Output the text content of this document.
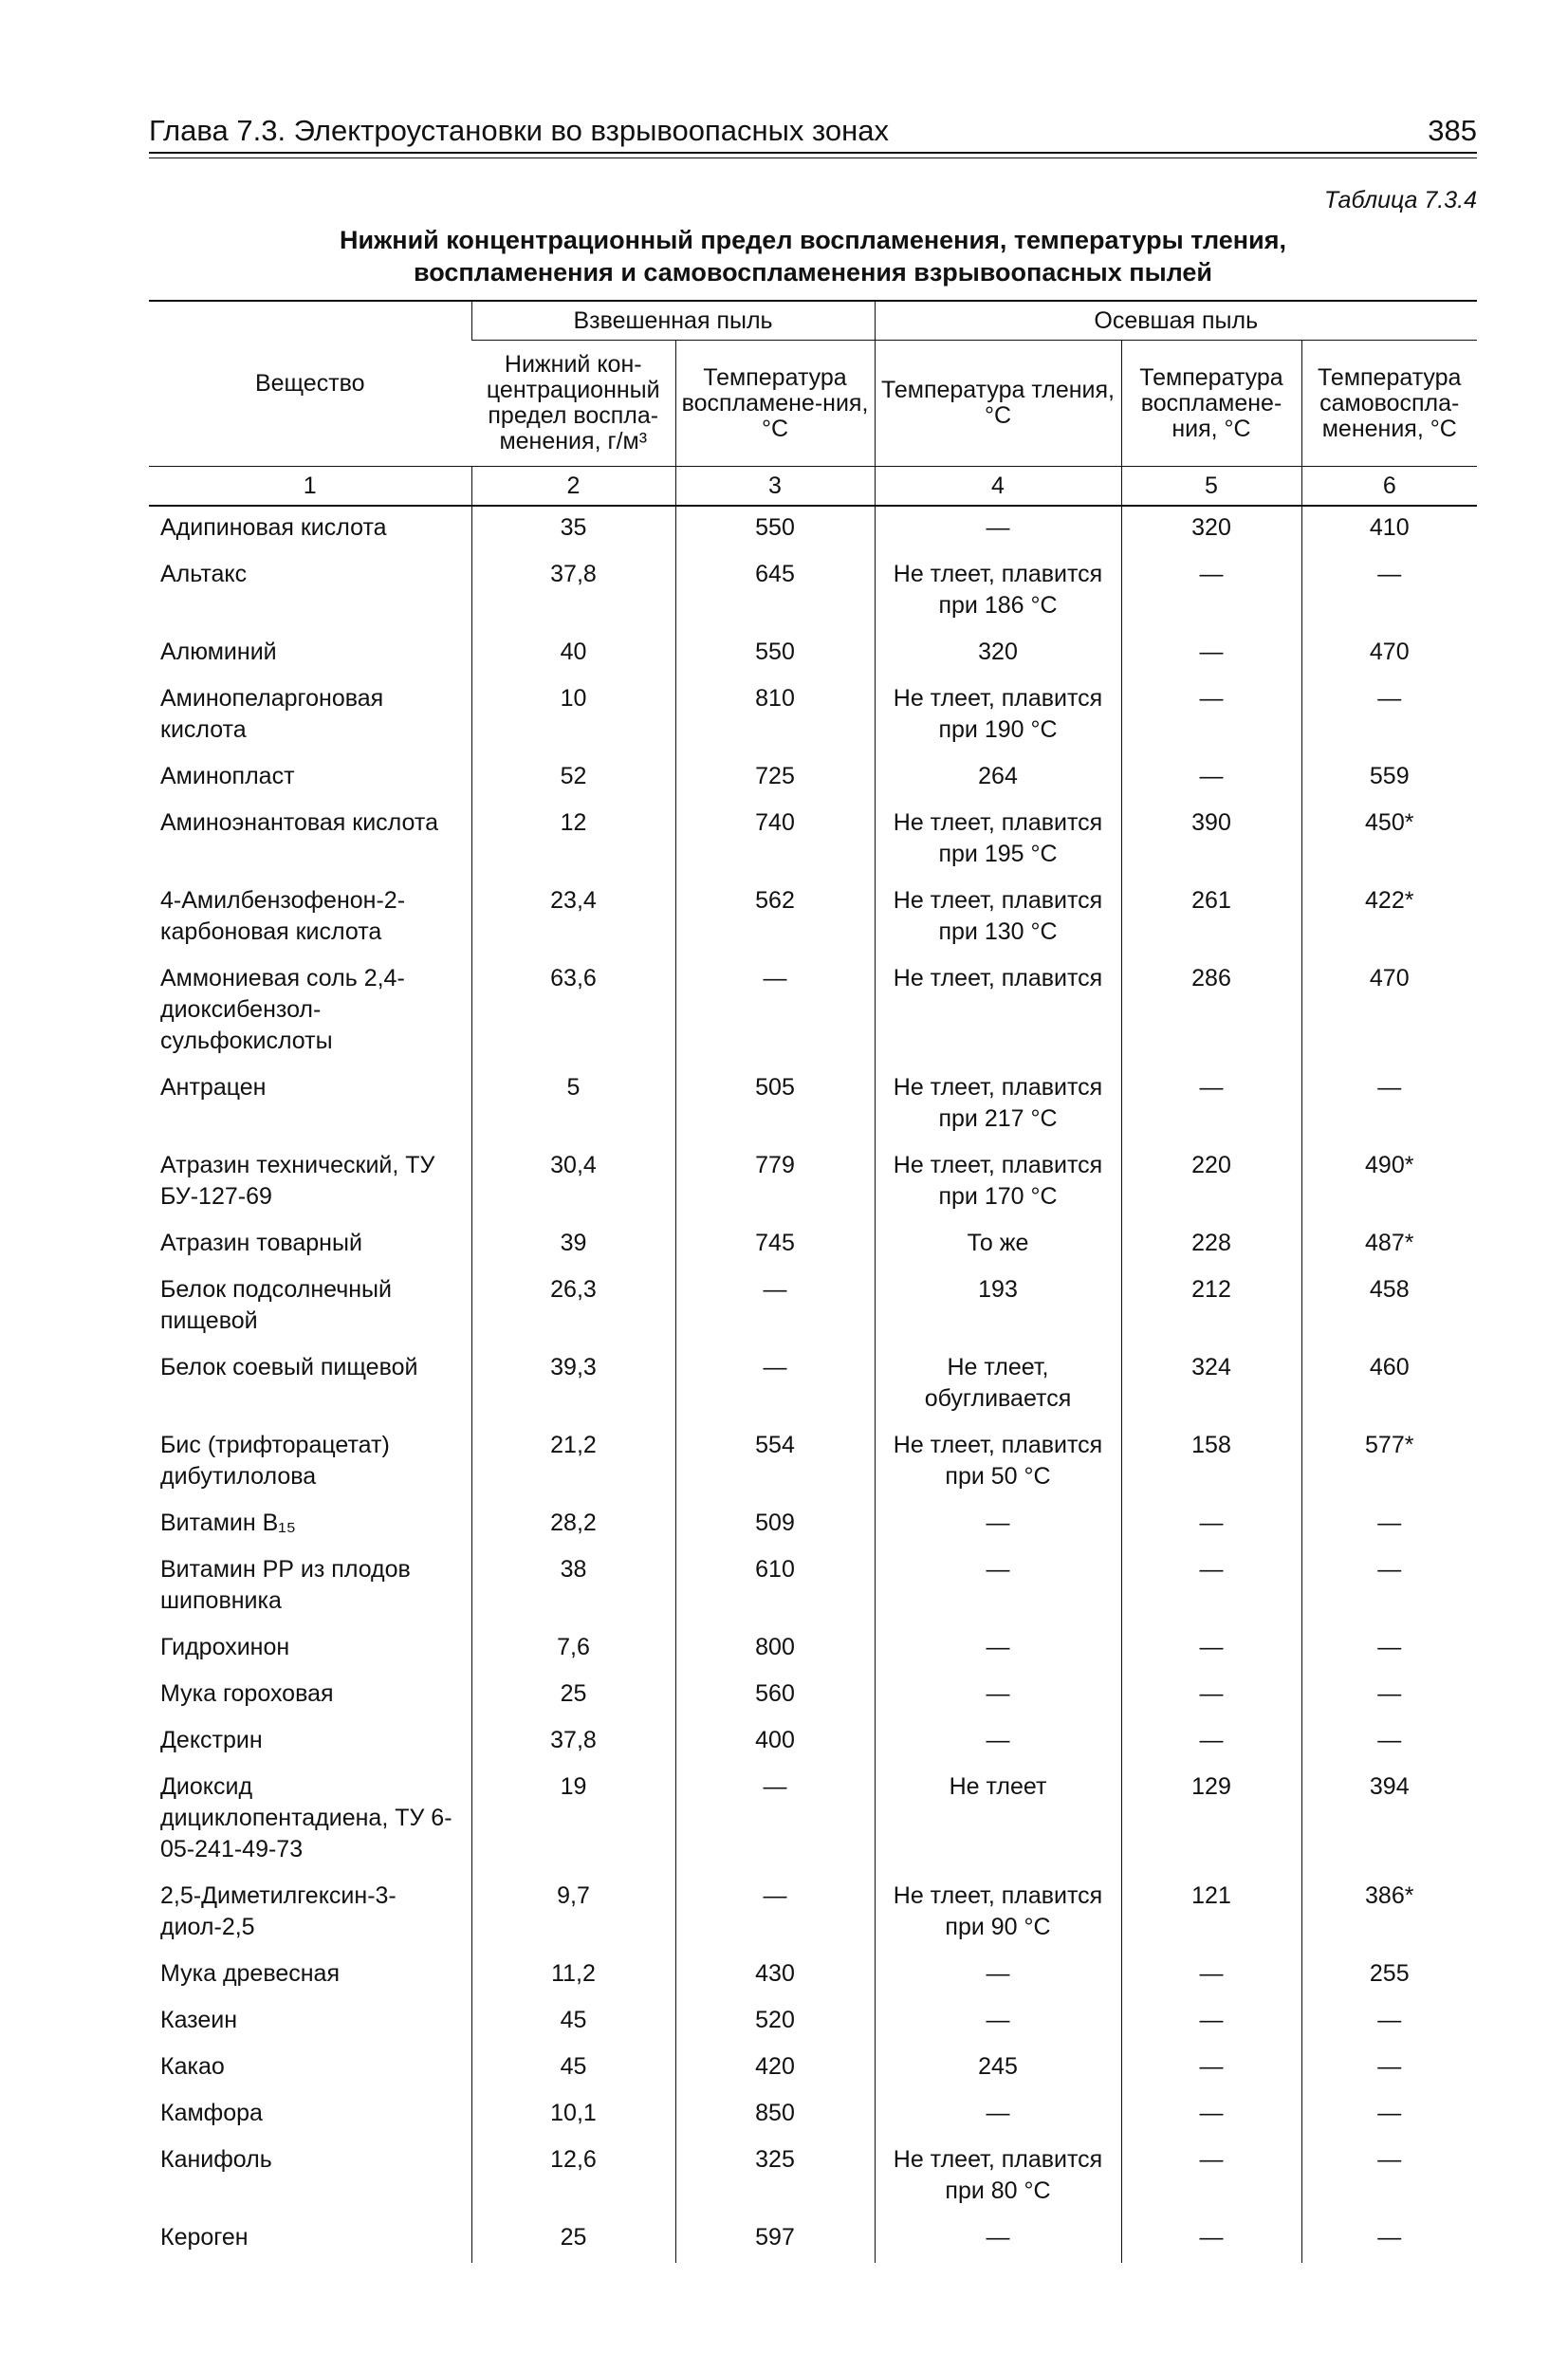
Глава 7.3. Электроустановки во взрывоопасных зонах	385
Таблица 7.3.4
Нижний концентрационный предел воспламенения, температуры тления,
воспламенения и самовоспламенения взрывоопасных пылей
Вещество	Взвешенная пыль		Осевшая пыль		
	Нижний кон-центрационный предел воспла-менения, г/м³	Температура воспламене-ния, °С	Температура тления, °С	Температура воспламене-ния, °С	Температура самовоспла-менения, °С
1	2	3	4	5	6
Адипиновая кислота	35	550	—	320	410
Альтакс	37,8	645	Не тлеет, плавится при 186 °С	—	—
Алюминий	40	550	320	—	470
Аминопеларгоновая кислота	10	810	Не тлеет, плавится при 190 °С	—	—
Аминопласт	52	725	264	—	559
Аминоэнантовая кислота	12	740	Не тлеет, плавится при 195 °С	390	450*
4-Амилбензофенон-2-карбоновая кислота	23,4	562	Не тлеет, плавится при 130 °С	261	422*
Аммониевая соль 2,4-диоксибензол-сульфокислоты	63,6	—	Не тлеет, плавится	286	470
Антрацен	5	505	Не тлеет, плавится при 217 °С	—	—
Атразин технический, ТУ БУ-127-69	30,4	779	Не тлеет, плавится при 170 °С	220	490*
Атразин товарный	39	745	То же	228	487*
Белок подсолнечный пищевой	26,3	—	193	212	458
Белок соевый пищевой	39,3	—	Не тлеет, обугливается	324	460
Бис (трифторацетат) дибутилолова	21,2	554	Не тлеет, плавится при 50 °С	158	577*
Витамин B₁₅	28,2	509	—	—	—
Витамин РР из плодов шиповника	38	610	—	—	—
Гидрохинон	7,6	800	—	—	—
Мука гороховая	25	560	—	—	—
Декстрин	37,8	400	—	—	—
Диоксид дициклопентадиена, ТУ 6-05-241-49-73	19	—	Не тлеет	129	394
2,5-Диметилгексин-3-диол-2,5	9,7	—	Не тлеет, плавится при 90 °С	121	386*
Мука древесная	11,2	430	—	—	255
Казеин	45	520	—	—	—
Какао	45	420	245	—	—
Камфора	10,1	850	—	—	—
Канифоль	12,6	325	Не тлеет, плавится при 80 °С	—	—
Кероген	25	597	—	—	—
